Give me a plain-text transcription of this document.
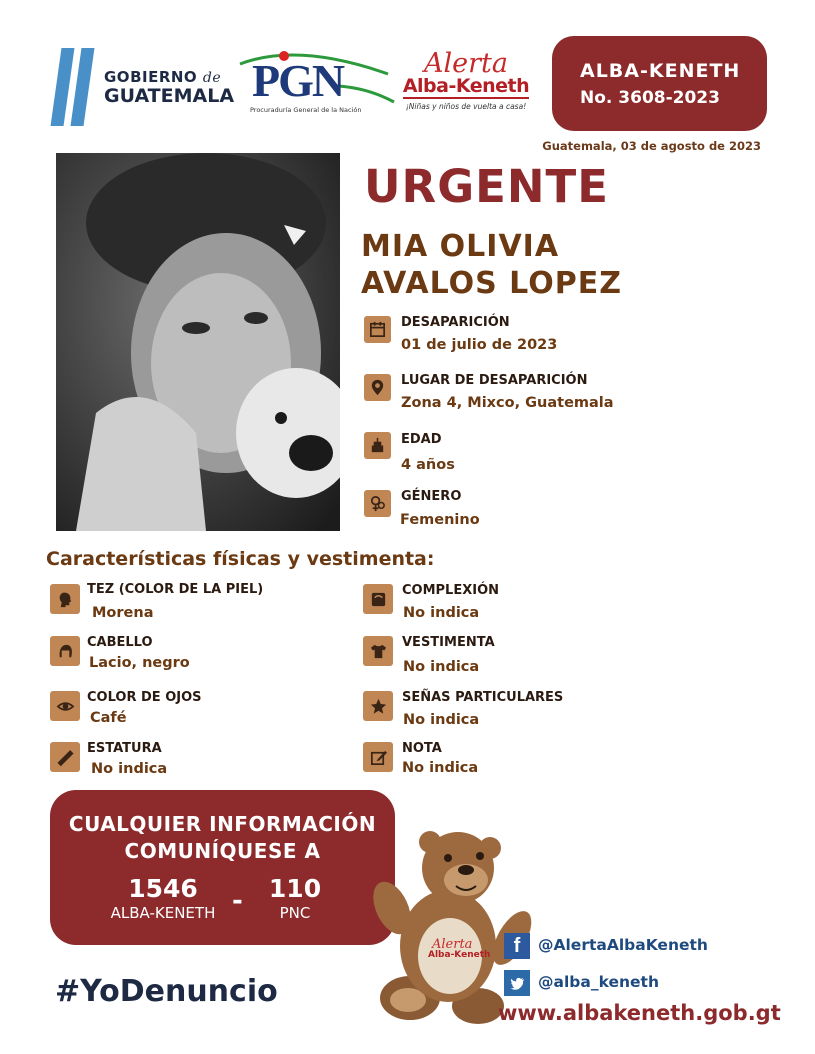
GOBIERNO de
GUATEMALA PGN
Procuraduría General de la Nación
Alerta
Alba-Keneth
¡Niñas y niños de vuelta a casa!
ALBA-KENETH
No. 3608-2023
Guatemala, 03 de agosto de 2023
URGENTE
MIA OLIVIA
AVALOS LOPEZ
DESAPARICIÓN
01 de julio de 2023
LUGAR DE DESAPARICIÓN
Zona 4, Mixco, Guatemala
EDAD
4 años
GÉNERO
Femenino
Características físicas y vestimenta:
TEZ (COLOR DE LA PIEL)
Morena
CABELLO
Lacio, negro
COLOR DE OJOS
Café
ESTATURA
No indica
COMPLEXIÓN
No indica
VESTIMENTA
No indica
SEÑAS PARTICULARES
No indica
NOTA
No indica
CUALQUIER INFORMACIÓN
COMUNÍQUESE A
1546
ALBA-KENETH
110
PNC
-
Alerta
Alba-Keneth
#YoDenuncio
f @AlertaAlbaKeneth
@alba_keneth
www.albakeneth.gob.gt
